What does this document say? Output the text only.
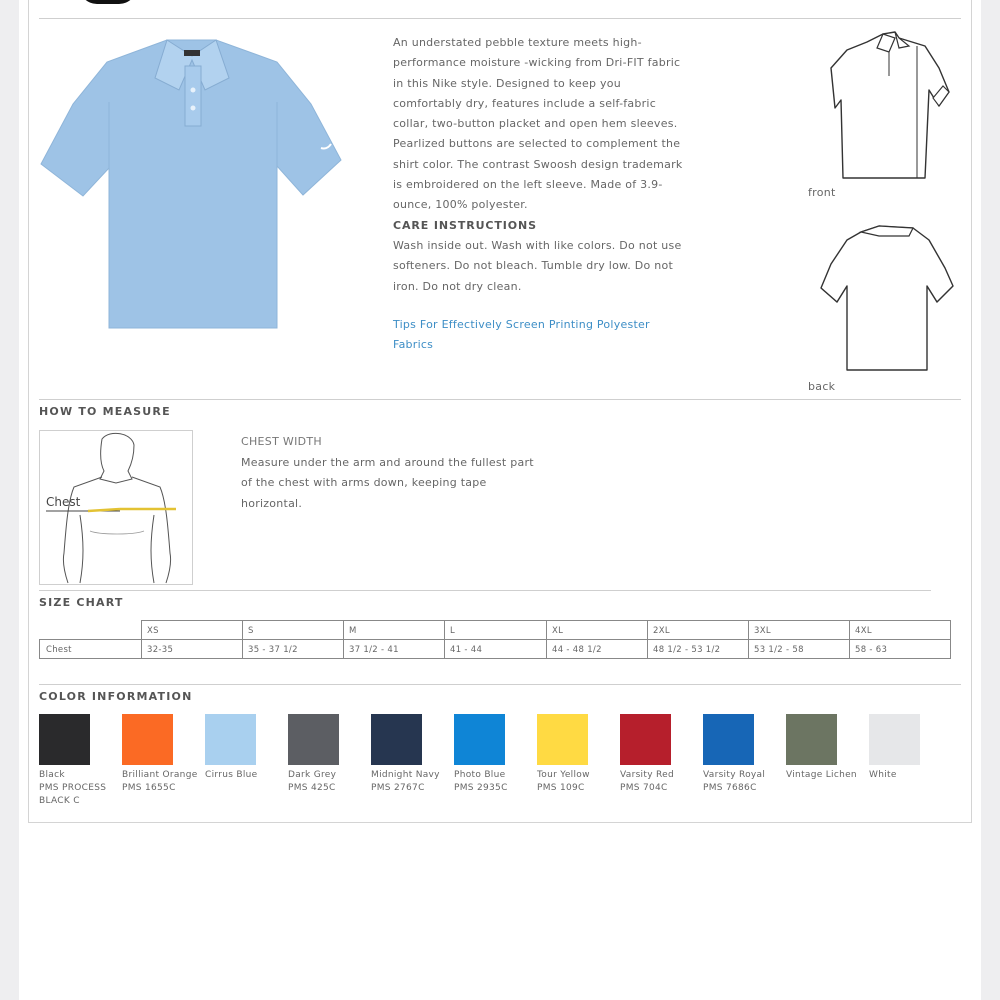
An understated pebble texture meets high-
performance moisture -wicking from Dri-FIT fabric
in this Nike style. Designed to keep you
comfortably dry, features include a self-fabric
collar, two-button placket and open hem sleeves.
Pearlized buttons are selected to complement the
shirt color. The contrast Swoosh design trademark
is embroidered on the left sleeve. Made of 3.9-
ounce, 100% polyester.
CARE INSTRUCTIONS
Wash inside out. Wash with like colors. Do not use
softeners. Do not bleach. Tumble dry low. Do not
iron. Do not dry clean.
Tips For Effectively Screen Printing Polyester
Fabrics
front
back
HOW TO MEASURE
Chest
CHEST WIDTH
Measure under the arm and around the fullest part
of the chest with arms down, keeping tape
horizontal.
SIZE CHART
Chest
XS	S	M	L	XL	2XL	3XL	4XL
32-35	35 - 37 1/2	37 1/2 - 41	41 - 44	44 - 48 1/2	48 1/2 - 53 1/2	53 1/2 - 58	58 - 63
COLOR INFORMATION
Black
PMS PROCESS
BLACK C
Brilliant Orange
PMS 1655C
Cirrus Blue	Dark Grey
PMS 425C
Midnight Navy
PMS 2767C
Photo Blue
PMS 2935C
Tour Yellow
PMS 109C
Varsity Red
PMS 704C
Varsity Royal
PMS 7686C
Vintage Lichen	White
